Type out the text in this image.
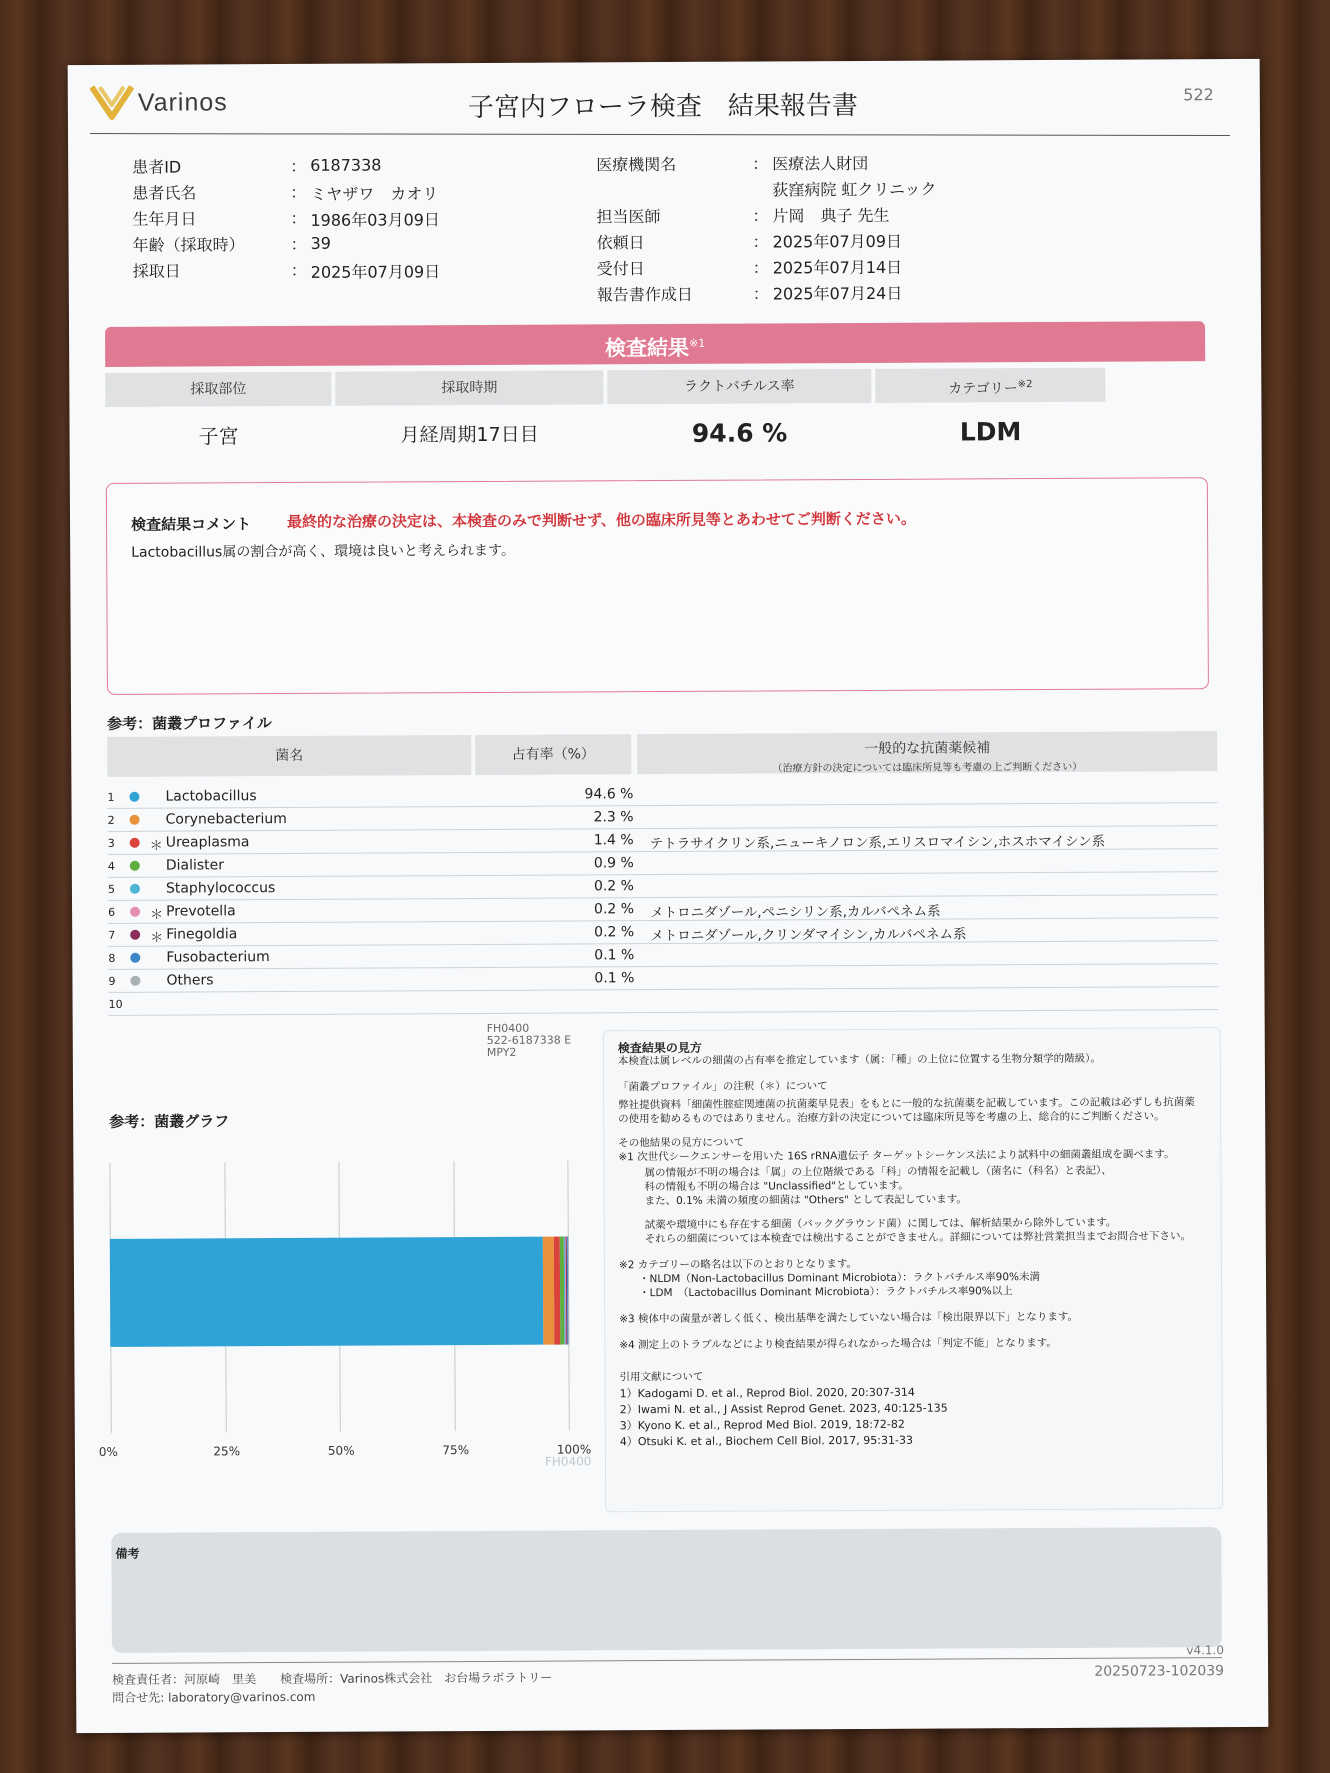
Varinos	子宮内フローラ検査　結果報告書	522
患者ID	： 6187338
患者氏名	： ミヤザワ　カオリ
生年月日	： 1986年03月09日
年齢（採取時）	： 39
採取日	： 2025年07月09日
医療機関名	： 医療法人財団
荻窪病院 虹クリニック
担当医師	： 片岡　典子 先生
依頼日	： 2025年07月09日
受付日	： 2025年07月14日
報告書作成日	： 2025年07月24日
検査結果$^{※1}$
採取部位	採取時期	ラクトバチルス率	カテゴリー$^{※2}$
子宮	月経周期17日目	94.6 %	LDM
検査結果コメント 最終的な治療の決定は、本検査のみで判断せず、他の臨床所見等とあわせてご判断ください。
Lactobacillus属の割合が高く、環境は良いと考えられます。
参考：菌叢プロファイル
菌名	占有率（%）	一般的な抗菌薬候補
（治療方針の決定については臨床所見等も考慮の上ご判断ください）
1	Lactobacillus	94.6 %
2	Corynebacterium	2.3 %
3	＊ Ureaplasma	1.4 % テトラサイクリン系,ニューキノロン系,エリスロマイシン,ホスホマイシン系
4	Dialister	0.9 %
5	Staphylococcus	0.2 %
6	＊ Prevotella	0.2 % メトロニダゾール,ペニシリン系,カルバペネム系
7	＊ Finegoldia	0.2 % メトロニダゾール,クリンダマイシン,カルバペネム系
8	Fusobacterium	0.1 %
9	Others	0.1 %
10
FH0400
522-6187338 E
MPY2
参考：菌叢グラフ
0%	25%	50%	75%	100%
FH0400
検査結果の見方
本検査は属レベルの細菌の占有率を推定しています（属：「種」の上位に位置する生物分類学的階級）。
「菌叢プロファイル」の注釈（＊）について
弊社提供資料「細菌性腟症関連菌の抗菌薬早見表」をもとに一般的な抗菌薬を記載しています。この記載は必ずしも抗菌薬
の使用を勧めるものではありません。治療方針の決定については臨床所見等を考慮の上、総合的にご判断ください。
その他結果の見方について
※1 次世代シークエンサーを用いた 16S rRNA遺伝子 ターゲットシーケンス法により試料中の細菌叢組成を調べます。
属の情報が不明の場合は「属」の上位階級である「科」の情報を記載し（菌名に（科名）と表記）、
科の情報も不明の場合は "Unclassified"としています。
また、0.1% 未満の頻度の細菌は "Others" として表記しています。
試薬や環境中にも存在する細菌（バックグラウンド菌）に関しては、解析結果から除外しています。
それらの細菌については本検査では検出することができません。詳細については弊社営業担当までお問合せ下さい。
※2 カテゴリーの略名は以下のとおりとなります。
・NLDM（Non-Lactobacillus Dominant Microbiota）：ラクトバチルス率90%未満
・LDM　（Lactobacillus Dominant Microbiota）：ラクトバチルス率90%以上
※3 検体中の菌量が著しく低く、検出基準を満たしていない場合は「検出限界以下」となります。
※4 測定上のトラブルなどにより検査結果が得られなかった場合は「判定不能」となります。
引用文献について
1）Kadogami D. et al., Reprod Biol. 2020, 20:307-314
2）Iwami N. et al., J Assist Reprod Genet. 2023, 40:125-135
3）Kyono K. et al., Reprod Med Biol. 2019, 18:72-82
4）Otsuki K. et al., Biochem Cell Biol. 2017, 95:31-33
備考
v4.1.0
検査責任者：河原崎　里美　　検査場所：Varinos株式会社　お台場ラボラトリー
問合せ先: laboratory@varinos.com
20250723-102039
